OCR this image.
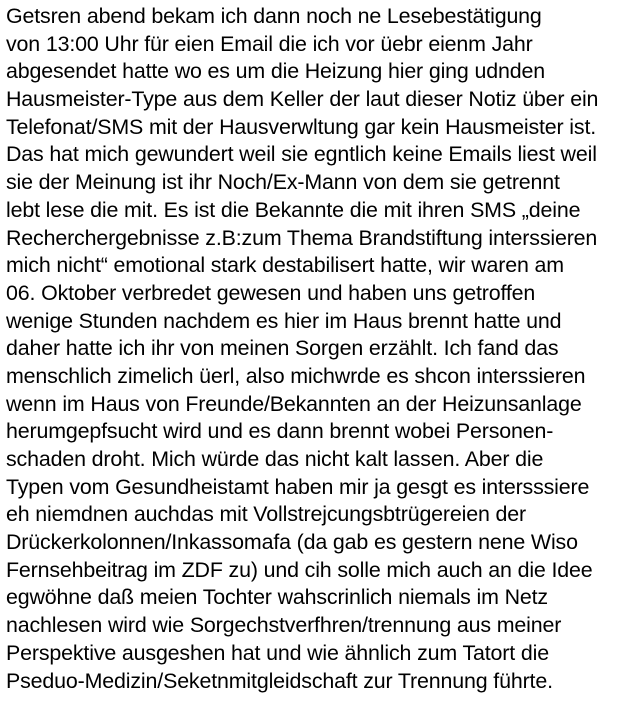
Getsren abend bekam ich dann noch ne Lesebestätigung
von 13:00 Uhr für eien Email die ich vor üebr eienm Jahr
abgesendet hatte wo es um die Heizung hier ging udnden
Hausmeister-Type aus dem Keller der laut dieser Notiz über ein
Telefonat/SMS mit der Hausverwltung gar kein Hausmeister ist.
Das hat mich gewundert weil sie egntlich keine Emails liest weil
sie der Meinung ist ihr Noch/Ex-Mann von dem sie getrennt
lebt lese die mit. Es ist die Bekannte die mit ihren SMS „deine
Recherchergebnisse z.B:zum Thema Brandstiftung interssieren
mich nicht“ emotional stark destabilisert hatte, wir waren am
06. Oktober verbredet gewesen und haben uns getroffen
wenige Stunden nachdem es hier im Haus brennt hatte und
daher hatte ich ihr von meinen Sorgen erzählt. Ich fand das
menschlich zimelich üerl, also michwrde es shcon interssieren
wenn im Haus von Freunde/Bekannten an der Heizunsanlage
herumgepfsucht wird und es dann brennt wobei Personen-
schaden droht. Mich würde das nicht kalt lassen. Aber die
Typen vom Gesundheistamt haben mir ja gesgt es intersssiere
eh niemdnen auchdas mit Vollstrejcungsbtrügereien der
Drückerkolonnen/Inkassomafa (da gab es gestern nene Wiso
Fernsehbeitrag im ZDF zu) und cih solle mich auch an die Idee
egwöhne daß meien Tochter wahscrinlich niemals im Netz
nachlesen wird wie Sorgechstverfhren/trennung aus meiner
Perspektive ausgeshen hat und wie ähnlich zum Tatort die
Pseduo-Medizin/Seketnmitgleidschaft zur Trennung führte.
